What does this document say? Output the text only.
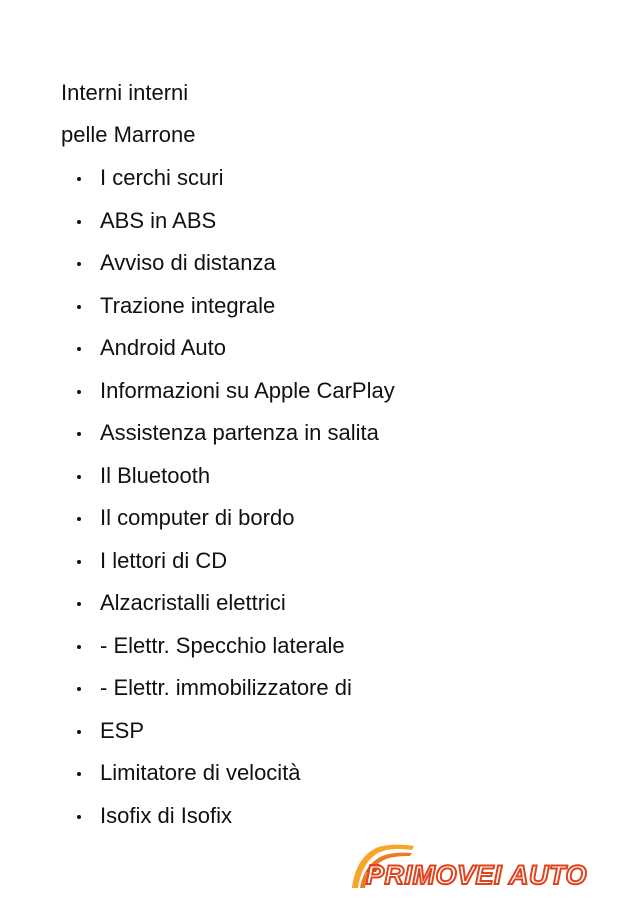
Interni interni
pelle Marrone
I cerchi scuri
ABS in ABS
Avviso di distanza
Trazione integrale
Android Auto
Informazioni su Apple CarPlay
Assistenza partenza in salita
Il Bluetooth
Il computer di bordo
I lettori di CD
Alzacristalli elettrici
- Elettr. Specchio laterale
- Elettr. immobilizzatore di
ESP
Limitatore di velocità
Isofix di Isofix
PRIMOVEI AUTO
